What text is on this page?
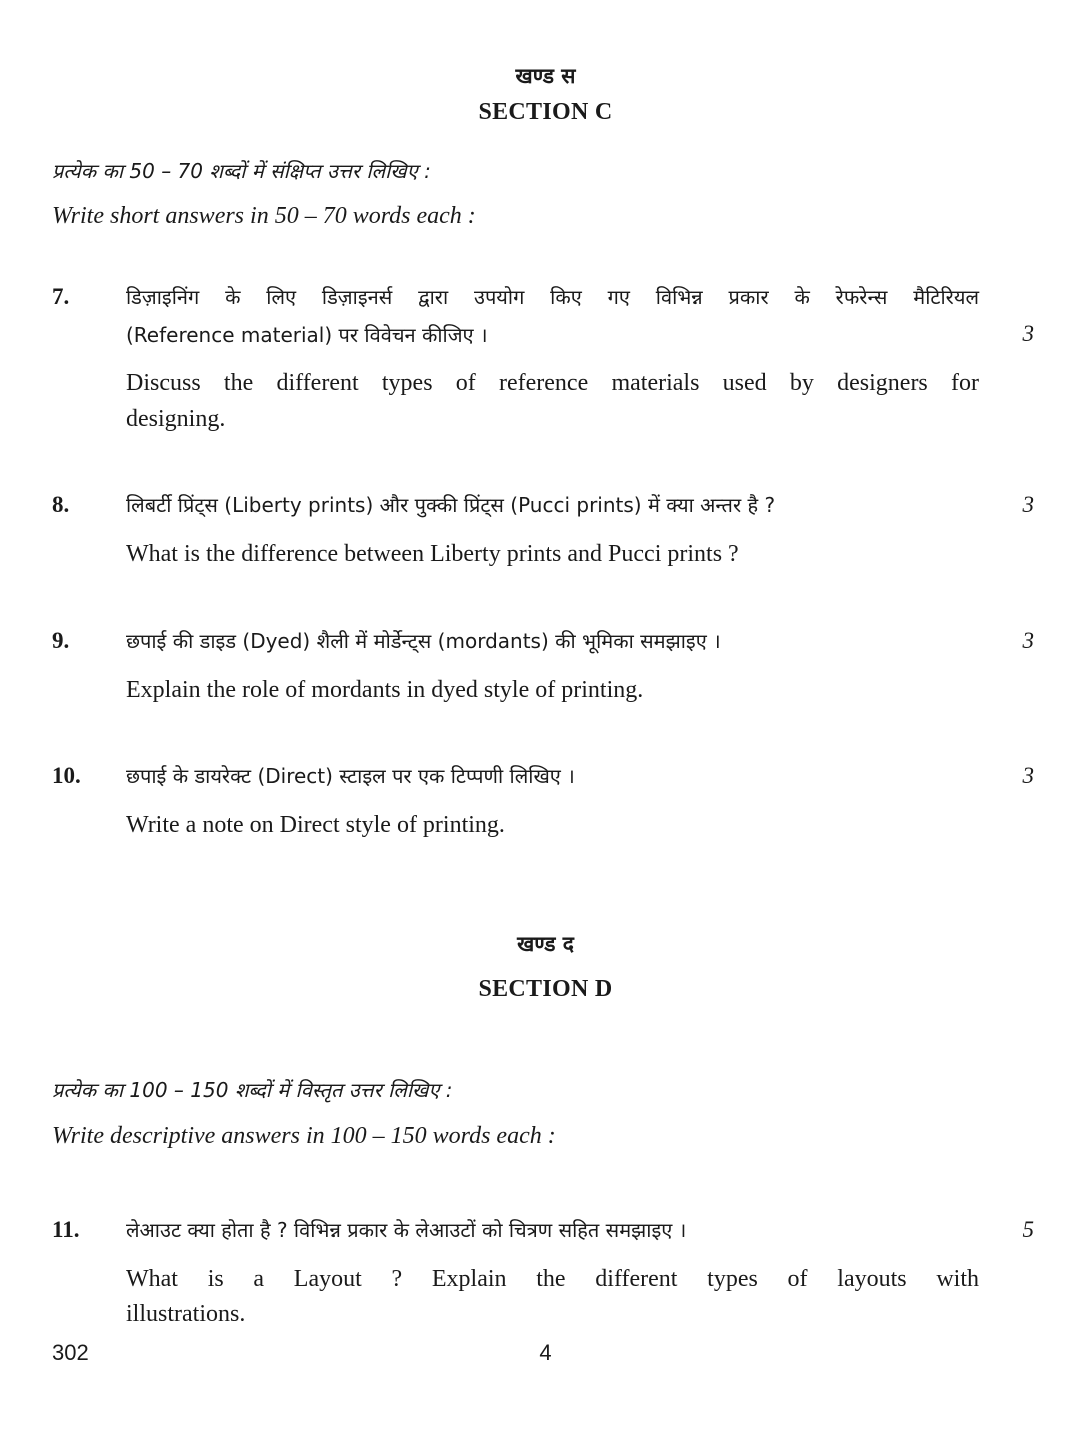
खण्ड स
SECTION C
प्रत्येक का 50 – 70 शब्दों में संक्षिप्त उत्तर लिखिए :
Write short answers in 50 – 70 words each :
7.	डिज़ाइनिंग के लिए डिज़ाइनर्स द्वारा उपयोग किए गए विभिन्न प्रकार के रेफरेन्स मैटिरियल
(Reference material) पर विवेचन कीजिए ।	3
Discuss the different types of reference materials used by designers for
designing.
8.	लिबर्टी प्रिंट्स (Liberty prints) और पुक्की प्रिंट्स (Pucci prints) में क्या अन्तर है ?	3
What is the difference between Liberty prints and Pucci prints ?
9.	छपाई की डाइड (Dyed) शैली में मोर्डेन्ट्स (mordants) की भूमिका समझाइए ।	3
Explain the role of mordants in dyed style of printing.
10. छपाई के डायरेक्ट (Direct) स्टाइल पर एक टिप्पणी लिखिए ।	3
Write a note on Direct style of printing.
खण्ड द
SECTION D
प्रत्येक का 100 – 150 शब्दों में विस्तृत उत्तर लिखिए :
Write descriptive answers in 100 – 150 words each :
11. लेआउट क्या होता है ? विभिन्न प्रकार के लेआउटों को चित्रण सहित समझाइए ।	5
What is a Layout ? Explain the different types of layouts with
illustrations.
302	4
